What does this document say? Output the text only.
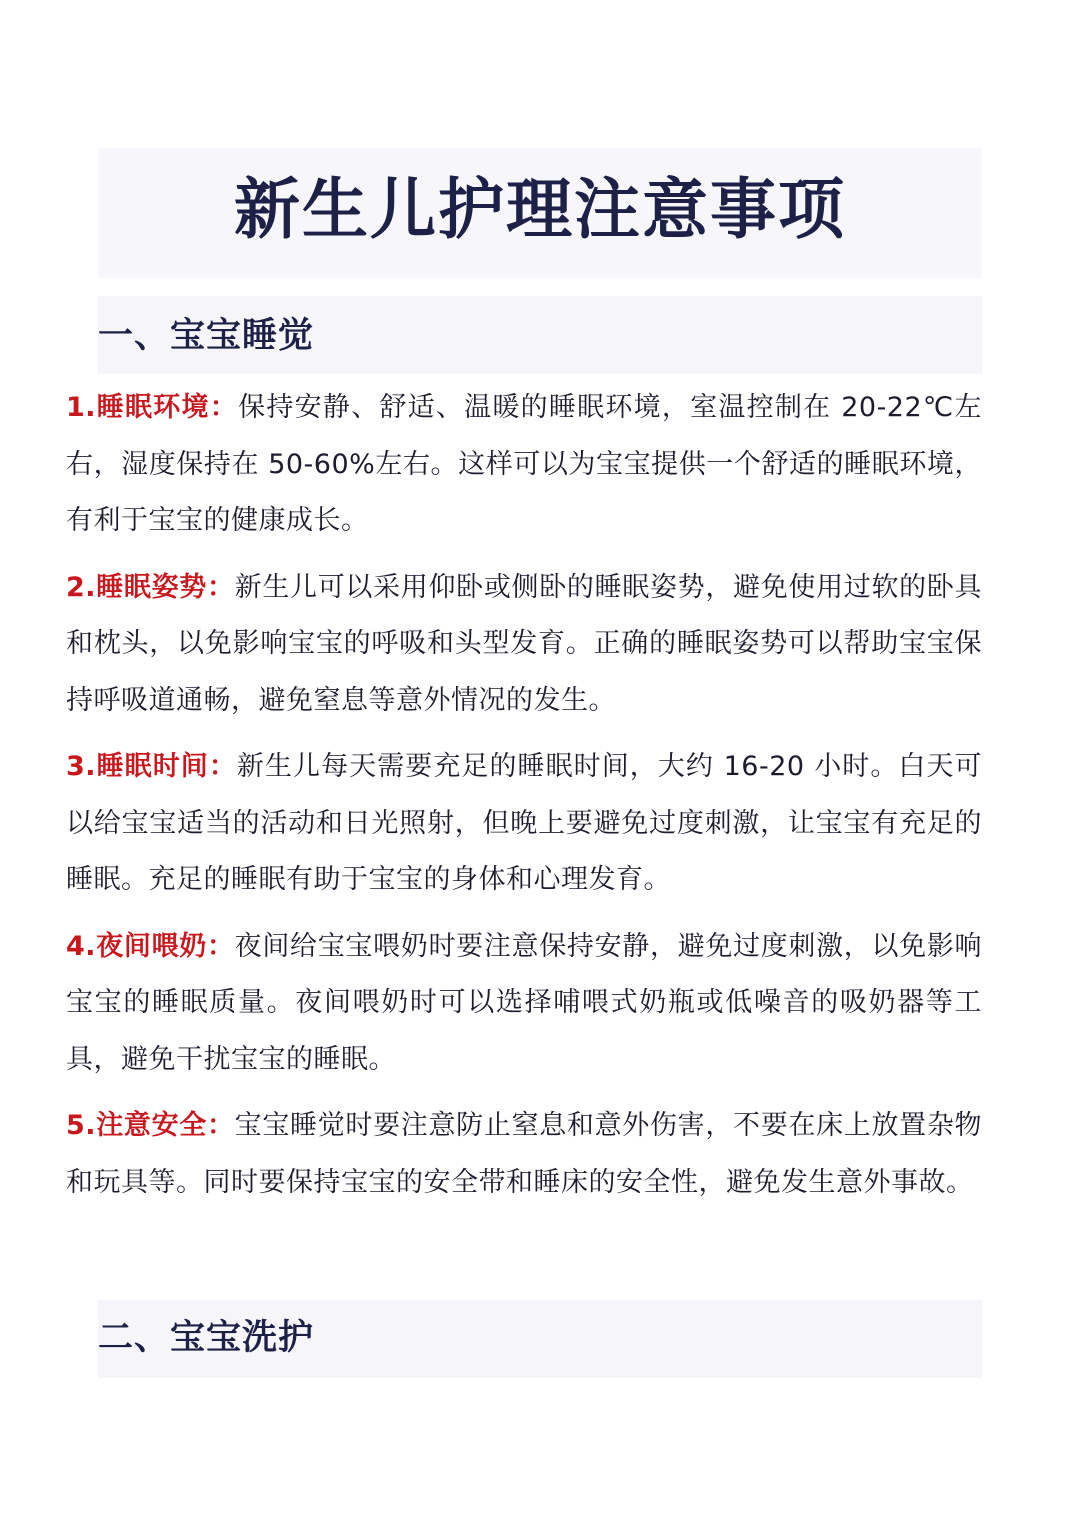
新生儿护理注意事项
一、宝宝睡觉

1.睡眠环境：保持安静、舒适、温暖的睡眠环境，室温控制在 20-22℃左右，湿度保持在 50-60%左右。这样可以为宝宝提供一个舒适的睡眠环境，有利于宝宝的健康成长。

2.睡眠姿势：新生儿可以采用仰卧或侧卧的睡眠姿势，避免使用过软的卧具和枕头，以免影响宝宝的呼吸和头型发育。正确的睡眠姿势可以帮助宝宝保持呼吸道通畅，避免窒息等意外情况的发生。

3.睡眠时间：新生儿每天需要充足的睡眠时间，大约 16-20 小时。白天可以给宝宝适当的活动和日光照射，但晚上要避免过度刺激，让宝宝有充足的睡眠。充足的睡眠有助于宝宝的身体和心理发育。

4.夜间喂奶：夜间给宝宝喂奶时要注意保持安静，避免过度刺激，以免影响宝宝的睡眠质量。夜间喂奶时可以选择哺喂式奶瓶或低噪音的吸奶器等工具，避免干扰宝宝的睡眠。

5.注意安全：宝宝睡觉时要注意防止窒息和意外伤害，不要在床上放置杂物和玩具等。同时要保持宝宝的安全带和睡床的安全性，避免发生意外事故。

二、宝宝洗护
